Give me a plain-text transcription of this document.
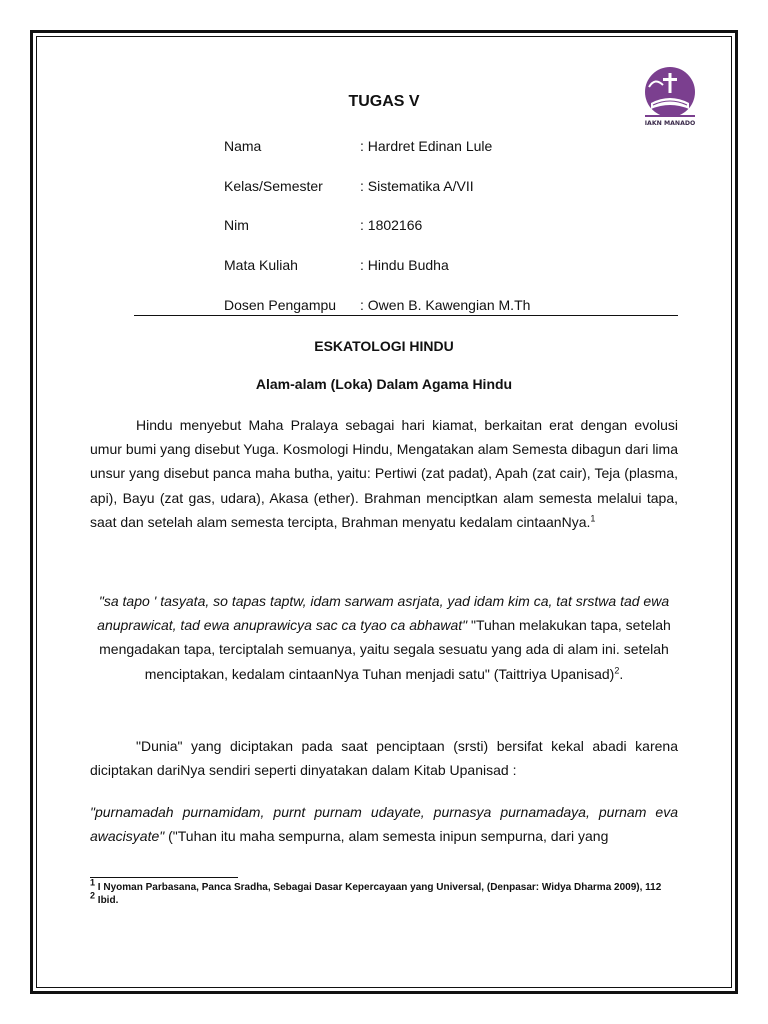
IAKN MANADO
TUGAS V
Nama	: Hardret Edinan Lule
Kelas/Semester	: Sistematika A/VII
Nim	: 1802166
Mata Kuliah	: Hindu Budha
Dosen Pengampu : Owen B. Kawengian M.Th
ESKATOLOGI HINDU
Alam-alam (Loka) Dalam Agama Hindu

Hindu menyebut Maha Pralaya sebagai hari kiamat, berkaitan erat dengan evolusi umur bumi yang disebut Yuga. Kosmologi Hindu, Mengatakan alam Semesta dibagun dari lima unsur yang disebut panca maha butha, yaitu: Pertiwi (zat padat), Apah (zat cair), Teja (plasma, api), Bayu (zat gas, udara), Akasa (ether). Brahman menciptkan alam semesta melalui tapa, saat dan setelah alam semesta tercipta, Brahman menyatu kedalam cintaanNya.$^1$

"sa tapo ' tasyata, so tapas taptw, idam sarwam asrjata, yad idam kim ca, tat srstwa tad ewa anuprawicat, tad ewa anuprawicya sac ca tyao ca abhawat" "Tuhan melakukan tapa, setelah mengadakan tapa, terciptalah semuanya, yaitu segala sesuatu yang ada di alam ini. setelah menciptakan, kedalam cintaanNya Tuhan menjadi satu" (Taittriya Upanisad)$^2$.

"Dunia" yang diciptakan pada saat penciptaan (srsti) bersifat kekal abadi karena diciptakan dariNya sendiri seperti dinyatakan dalam Kitab Upanisad :

"purnamadah purnamidam, purnt purnam udayate, purnasya purnamadaya, purnam eva awacisyate" ("Tuhan itu maha sempurna, alam semesta inipun sempurna, dari yang

$^1$ I Nyoman Parbasana, Panca Sradha, Sebagai Dasar Kepercayaan yang Universal, (Denpasar: Widya Dharma 2009), 112
$^2$ Ibid.
